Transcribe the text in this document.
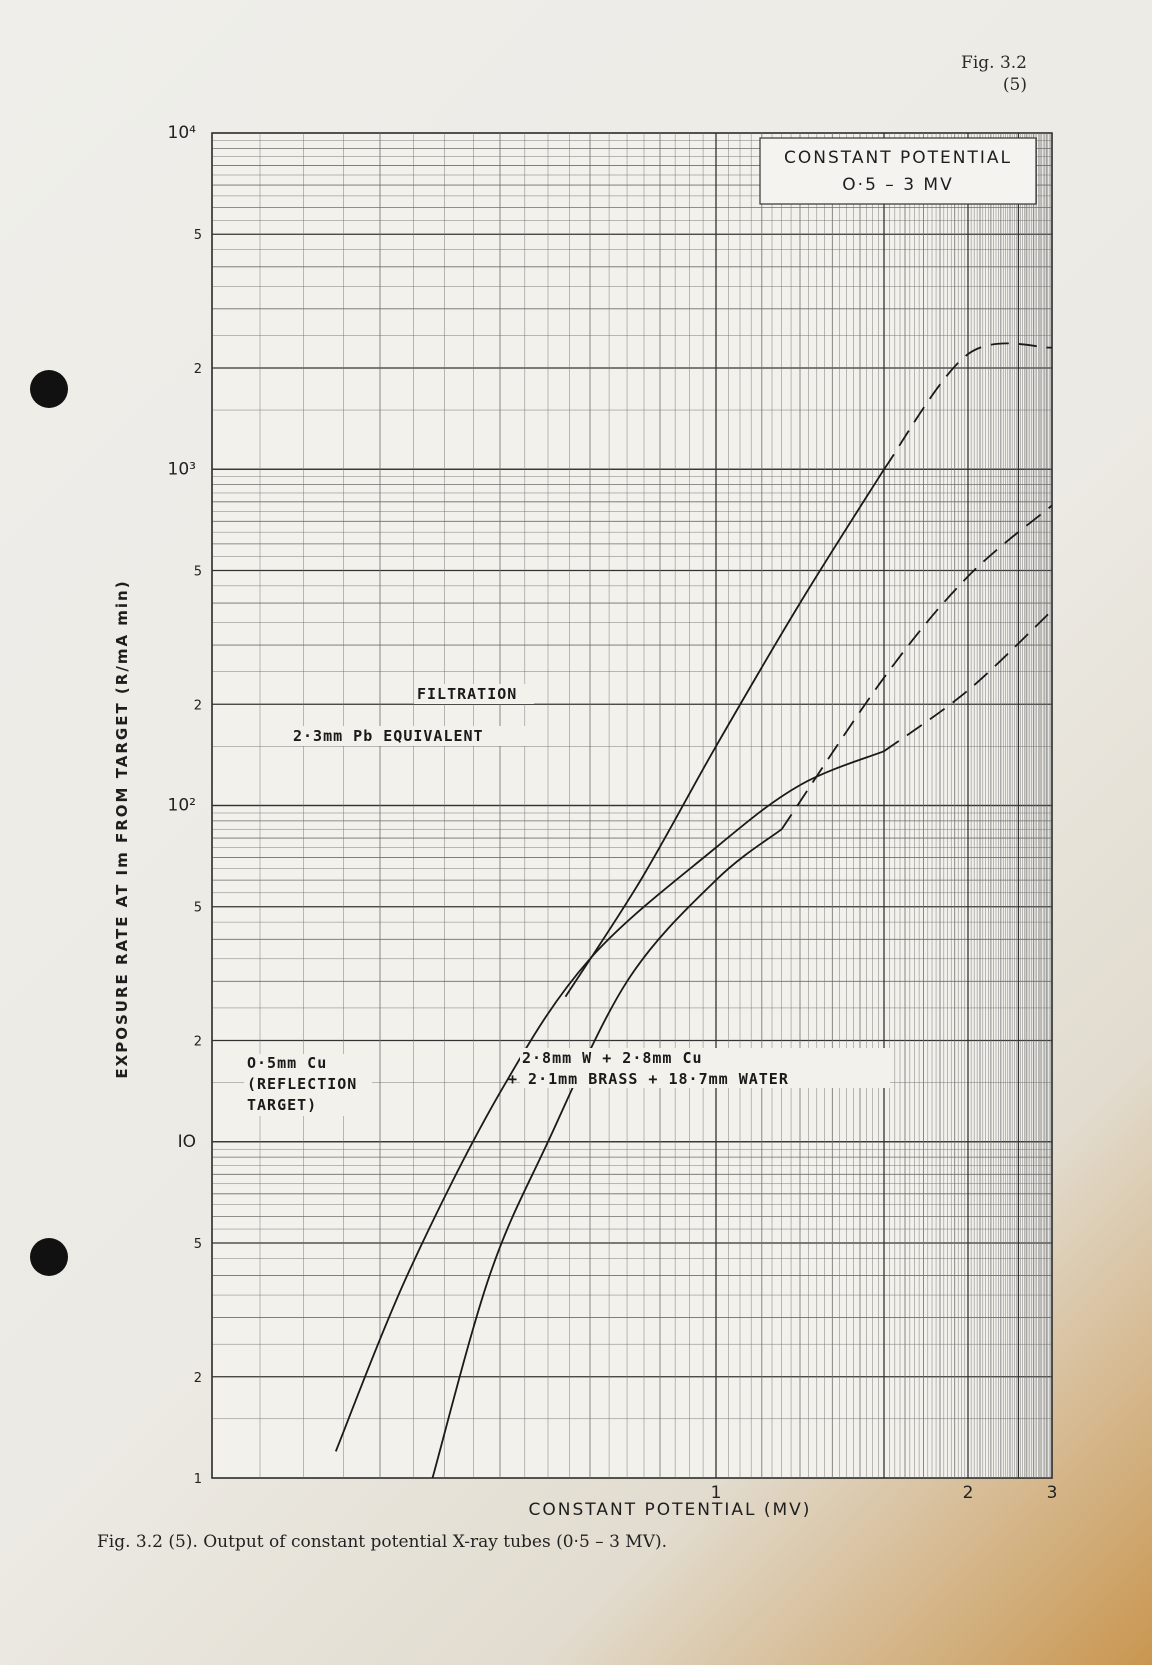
Fig. 3.2
(5)
1
2
5
IO
2
5
10²
2
5
10³
2
5
10⁴
1	2	3
CONSTANT POTENTIAL
O·5 – 3 MV
FILTRATION
2·3mm Pb EQUIVALENT
O·5mm Cu
(REFLECTION
TARGET)
2·8mm W + 2·8mm Cu
+ 2·1mm BRASS + 18·7mm WATER
EXPOSURE RATE AT Im FROM TARGET (R/mA min)
CONSTANT POTENTIAL (MV)
Fig. 3.2 (5). Output of constant potential X-ray tubes (0·5 – 3 MV).
